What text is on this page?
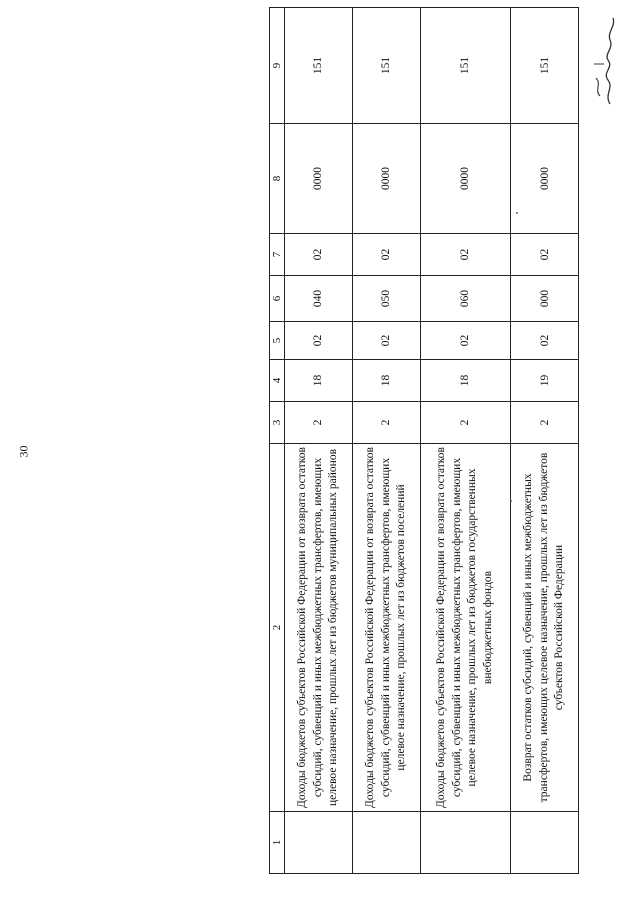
30
1	2	3	4	5	6	7	8	9
	Доходы бюджетов субъектов Российской Федерации от возврата остатков субсидий, субвенций и иных межбюджетных трансфертов, имеющих целевое назначение, прошлых лет из бюджетов муниципальных районов	2	18	02	040	02	0000	151
	Доходы бюджетов субъектов Российской Федерации от возврата остатков субсидий, субвенций и иных межбюджетных трансфертов, имеющих целевое назначение, прошлых лет из бюджетов поселений	2	18	02	050	02	0000	151
	Доходы бюджетов субъектов Российской Федерации от возврата остатков субсидий, субвенций и иных межбюджетных трансфертов, имеющих целевое назначение, прошлых лет из бюджетов государственных внебюджетных фондов	2	18	02	060	02	0000	151
	Возврат остатков субсидий, субвенций и иных межбюджетных трансфертов, имеющих целевое назначение, прошлых лет из бюджетов субъектов Российской Федерации	2	19	02	000	02	0000	151
